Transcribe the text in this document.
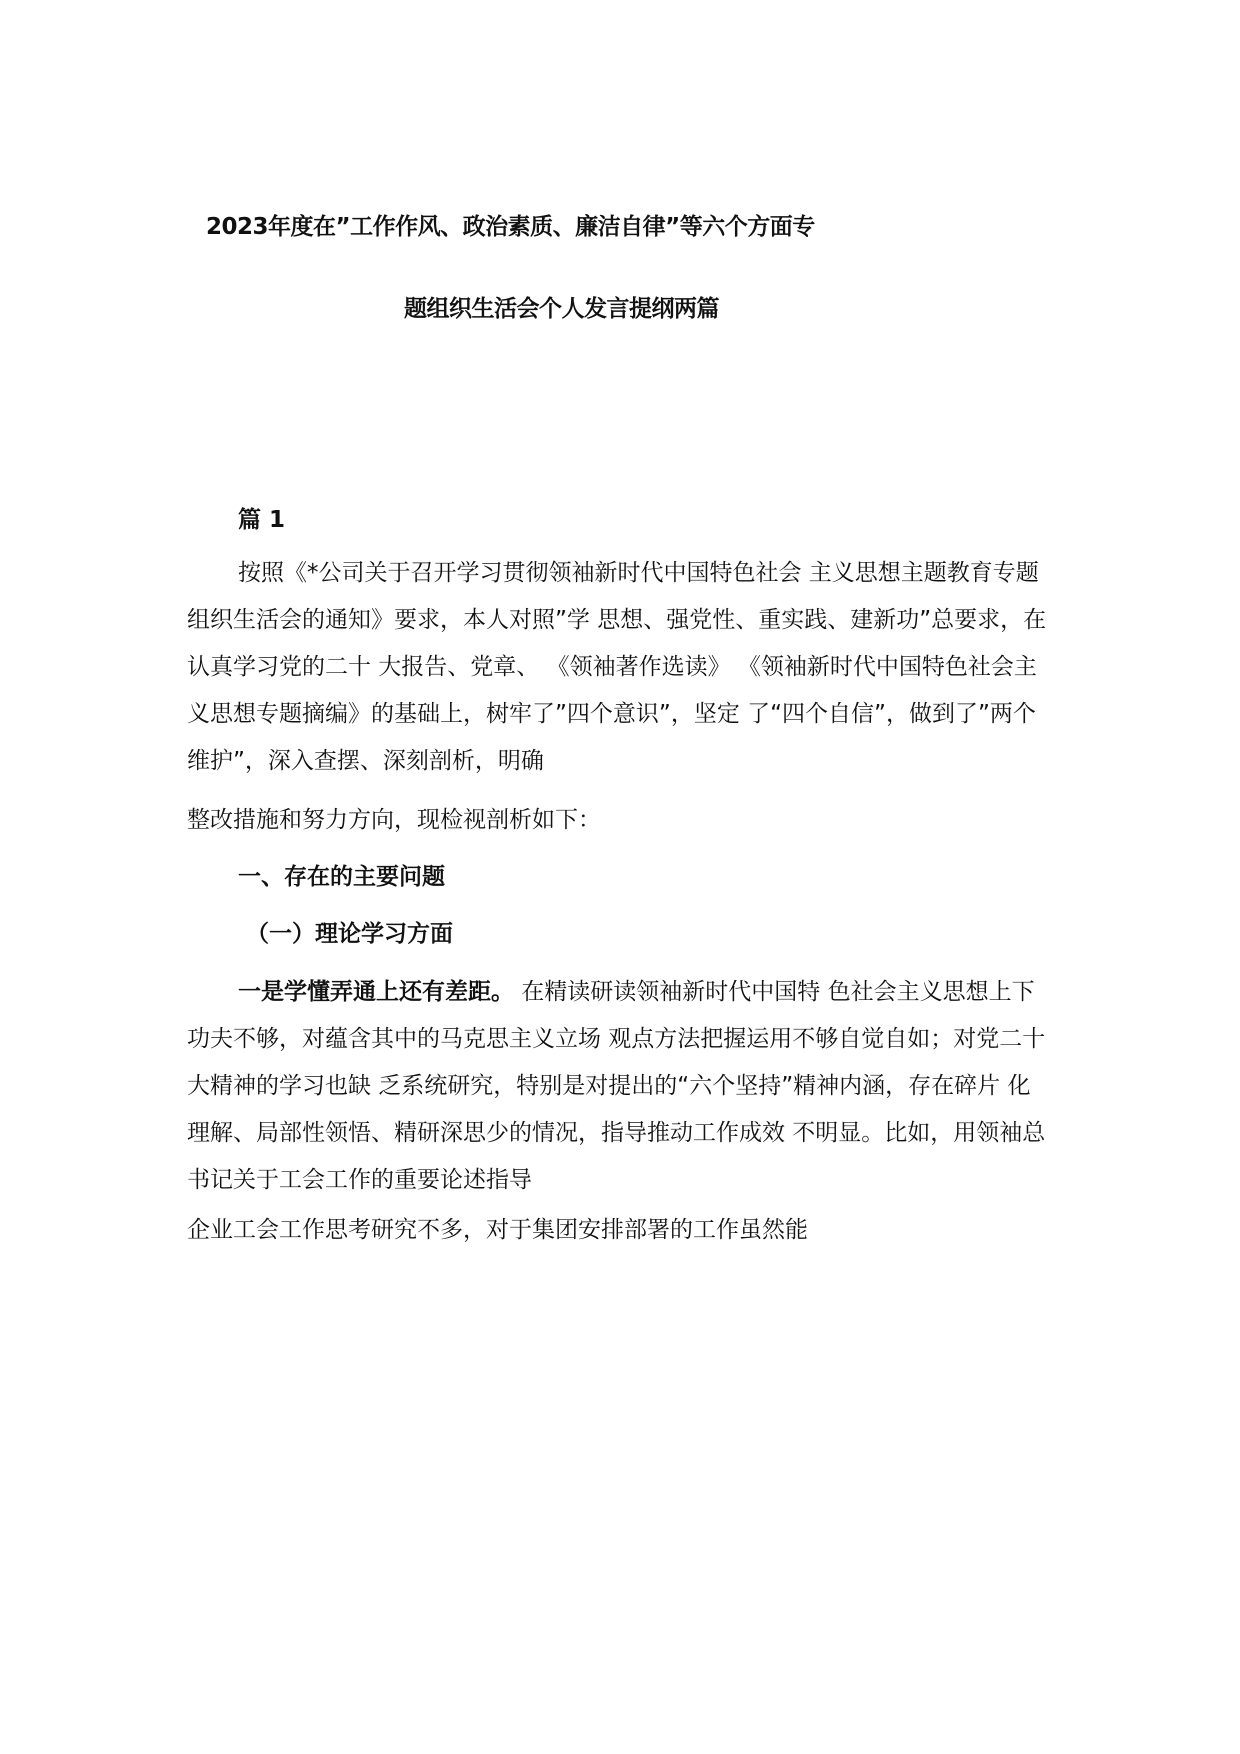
2023年度在”工作作风、政治素质、廉洁自律”等六个方面专
题组织生活会个人发言提纲两篇
篇 1

按照《*公司关于召开学习贯彻领袖新时代中国特色社会 主义思想主题教育专题组织生活会的通知》要求，本人对照”学 思想、强党性、重实践、建新功”总要求，在认真学习党的二十 大报告、党章、 《领袖著作选读》 《领袖新时代中国特色社会主义思想专题摘编》的基础上，树牢了”四个意识”，坚定 了“四个自信”，做到了”两个维护”，深入查摆、深刻剖析，明确

整改措施和努力方向，现检视剖析如下：

一、存在的主要问题
（一）理论学习方面

一是学懂弄通上还有差距。 在精读研读领袖新时代中国特 色社会主义思想上下功夫不够，对蕴含其中的马克思主义立场 观点方法把握运用不够自觉自如；对党二十大精神的学习也缺 乏系统研究，特别是对提出的“六个坚持”精神内涵，存在碎片 化理解、局部性领悟、精研深思少的情况，指导推动工作成效 不明显。比如，用领袖总书记关于工会工作的重要论述指导

企业工会工作思考研究不多，对于集团安排部署的工作虽然能
